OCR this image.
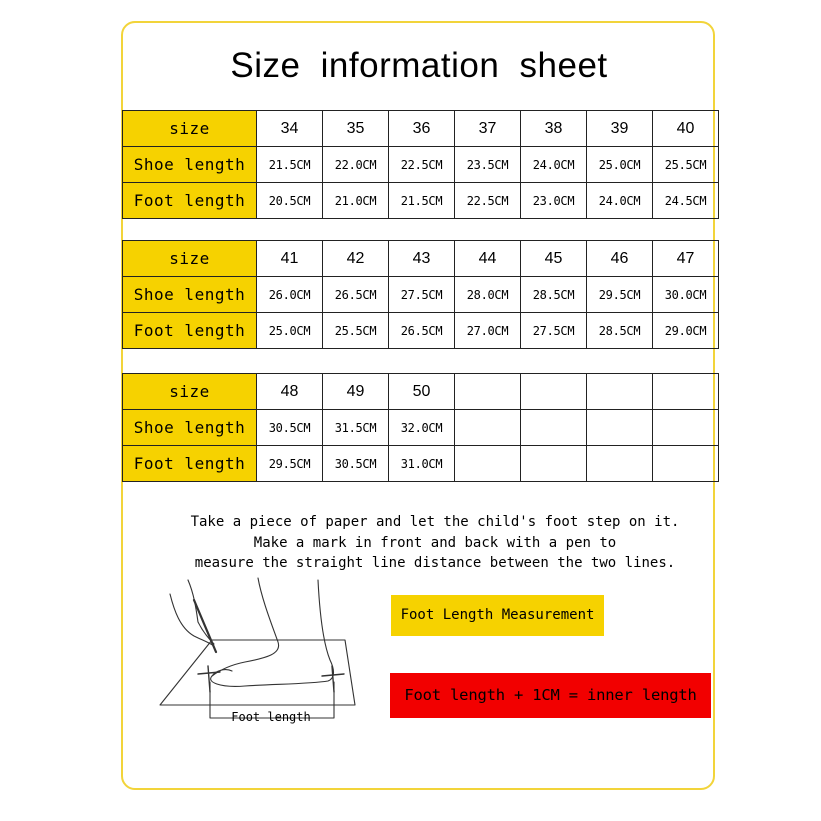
Size information sheet
size	34	35	36	37	38	39	40
Shoe length	21.5CM	22.0CM	22.5CM	23.5CM	24.0CM	25.0CM	25.5CM
Foot length	20.5CM	21.0CM	21.5CM	22.5CM	23.0CM	24.0CM	24.5CM
size	41	42	43	44	45	46	47
Shoe length	26.0CM	26.5CM	27.5CM	28.0CM	28.5CM	29.5CM	30.0CM
Foot length	25.0CM	25.5CM	26.5CM	27.0CM	27.5CM	28.5CM	29.0CM
size	48	49	50				
Shoe length	30.5CM	31.5CM	32.0CM				
Foot length	29.5CM	30.5CM	31.0CM				
Take a piece of paper and let the child's foot step on it.
Make a mark in front and back with a pen to
measure the straight line distance between the two lines.
Foot length
Foot Length Measurement
Foot length + 1CM = inner length
